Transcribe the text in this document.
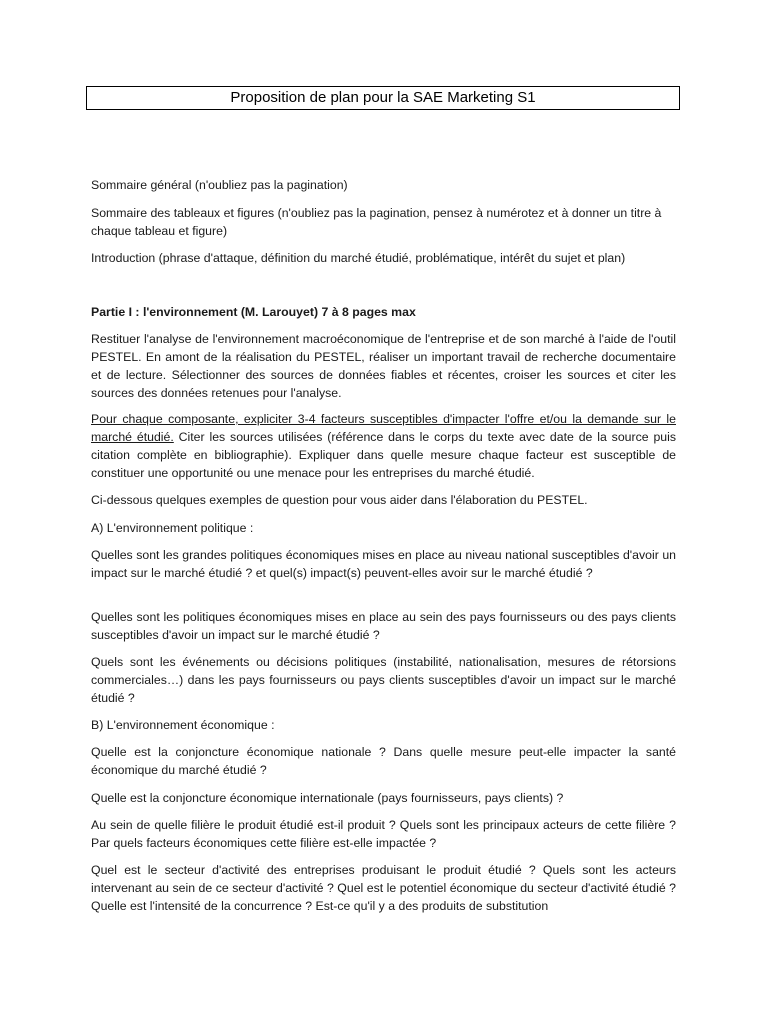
Proposition de plan pour la SAE Marketing S1
Sommaire général (n'oubliez pas la pagination)
Sommaire des tableaux et figures (n'oubliez pas la pagination, pensez à numérotez et à donner un titre à chaque tableau et figure)
Introduction (phrase d'attaque, définition du marché étudié, problématique, intérêt du sujet et plan)
Partie I : l'environnement (M. Larouyet) 7 à 8 pages max
Restituer l'analyse de l'environnement macroéconomique de l'entreprise et de son marché à l'aide de l'outil PESTEL. En amont de la réalisation du PESTEL, réaliser un important travail de recherche documentaire et de lecture. Sélectionner des sources de données fiables et récentes, croiser les sources et citer les sources des données retenues pour l'analyse.
Pour chaque composante, expliciter 3-4 facteurs susceptibles d'impacter l'offre et/ou la demande sur le marché étudié. Citer les sources utilisées (référence dans le corps du texte avec date de la source puis citation complète en bibliographie). Expliquer dans quelle mesure chaque facteur est susceptible de constituer une opportunité ou une menace pour les entreprises du marché étudié.
Ci-dessous quelques exemples de question pour vous aider dans l'élaboration du PESTEL.
A) L'environnement politique :
Quelles sont les grandes politiques économiques mises en place au niveau national susceptibles d'avoir un impact sur le marché étudié ? et quel(s) impact(s) peuvent-elles avoir sur le marché étudié ?
Quelles sont les politiques économiques mises en place au sein des pays fournisseurs ou des pays clients susceptibles d'avoir un impact sur le marché étudié ?
Quels sont les événements ou décisions politiques (instabilité, nationalisation, mesures de rétorsions commerciales…) dans les pays fournisseurs ou pays clients susceptibles d'avoir un impact sur le marché étudié ?
B) L'environnement économique :
Quelle est la conjoncture économique nationale ? Dans quelle mesure peut-elle impacter la santé économique du marché étudié ?
Quelle est la conjoncture économique internationale (pays fournisseurs, pays clients) ?
Au sein de quelle filière le produit étudié est-il produit ? Quels sont les principaux acteurs de cette filière ? Par quels facteurs économiques cette filière est-elle impactée ?
Quel est le secteur d'activité des entreprises produisant le produit étudié ? Quels sont les acteurs intervenant au sein de ce secteur d'activité ? Quel est le potentiel économique du secteur d'activité étudié ? Quelle est l'intensité de la concurrence ? Est-ce qu'il y a des produits de substitution
